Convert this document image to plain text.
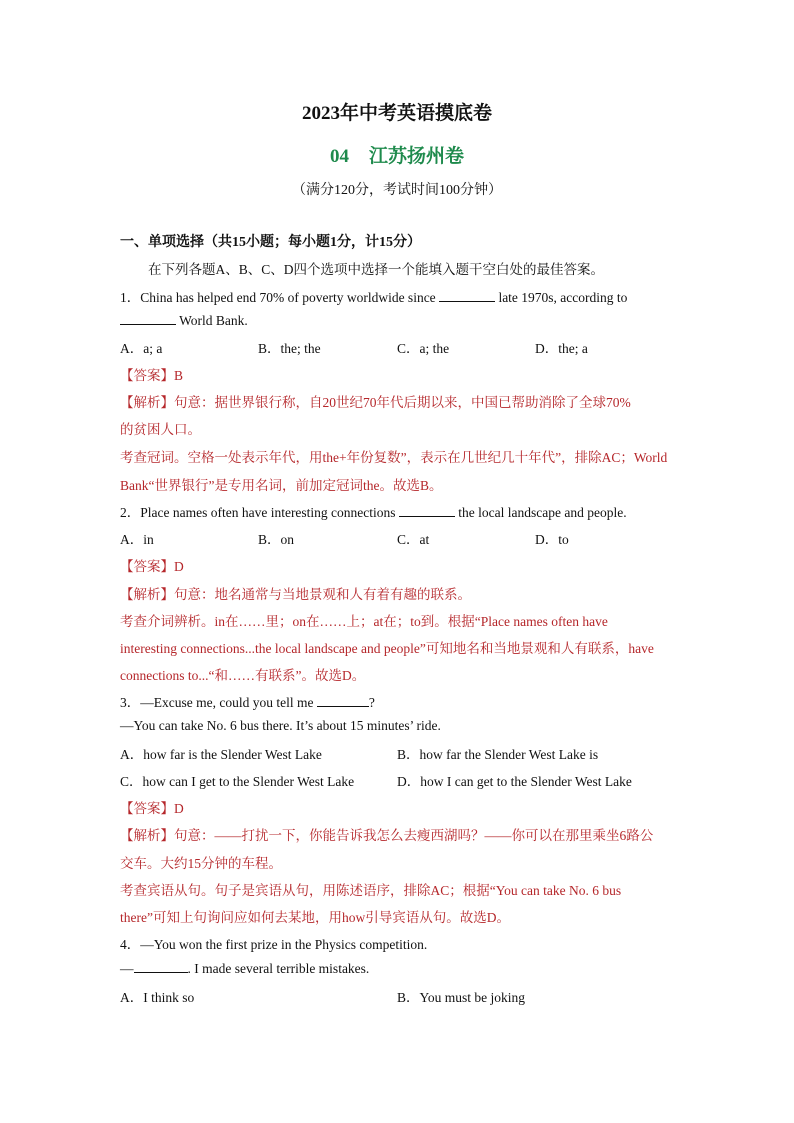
2023年中考英语摸底卷
04 江苏扬州卷
（满分120分，考试时间100分钟）
一、单项选择（共15小题；每小题1分，计15分）
在下列各题A、B、C、D四个选项中选择一个能填入题干空白处的最佳答案。
1．China has helped end 70% of poverty worldwide since	late 1970s, according to
World Bank.
A．a; a	B．the; the	C．a; the	D．the; a
【答案】B
【解析】句意：据世界银行称，自20世纪70年代后期以来，中国已帮助消除了全球70%
的贫困人口。
考查冠词。空格一处表示年代，用the+年份复数”，表示在几世纪几十年代”，排除AC；World
Bank“世界银行”是专用名词，前加定冠词the。故选B。
2．Place names often have interesting connections	the local landscape and people.
A．in	B．on	C．at	D．to
【答案】D
【解析】句意：地名通常与当地景观和人有着有趣的联系。
考查介词辨析。in在……里；on在……上；at在；to到。根据“Place names often have
interesting connections...the local landscape and people”可知地名和当地景观和人有联系，have
connections to...“和……有联系”。故选D。
3．—Excuse me, could you tell me	?
—You can take No. 6 bus there. It’s about 15 minutes’ ride.
A．how far is the Slender West Lake	B．how far the Slender West Lake is
C．how can I get to the Slender West Lake	D．how I can get to the Slender West Lake
【答案】D
【解析】句意：——打扰一下，你能告诉我怎么去瘦西湖吗？——你可以在那里乘坐6路公
交车。大约15分钟的车程。
考查宾语从句。句子是宾语从句，用陈述语序，排除AC；根据“You can take No. 6 bus
there”可知上句询问应如何去某地，用how引导宾语从句。故选D。
4．—You won the first prize in the Physics competition.
—	. I made several terrible mistakes.
A．I think so	B．You must be joking
